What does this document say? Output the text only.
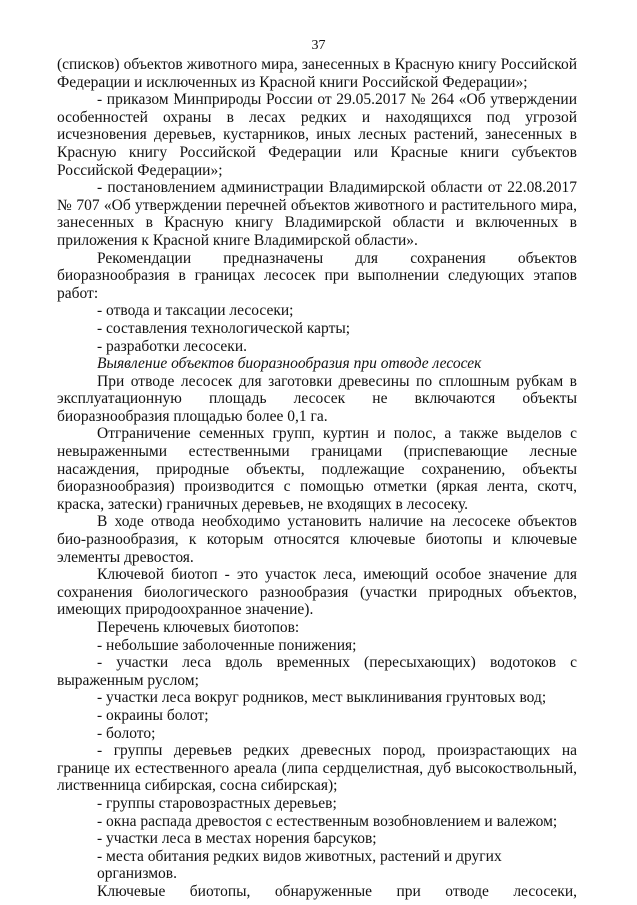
37

(списков) объектов животного мира, занесенных в Красную книгу Российской Федерации и исключенных из Красной книги Российской Федерации»;

- приказом Минприроды России от 29.05.2017 № 264 «Об утверждении особенностей охраны в лесах редких и находящихся под угрозой исчезновения деревьев, кустарников, иных лесных растений, занесенных в Красную книгу Российской Федерации или Красные книги субъектов Российской Федерации»;

- постановлением администрации Владимирской области от 22.08.2017 № 707 «Об утверждении перечней объектов животного и растительного мира, занесенных в Красную книгу Владимирской области и включенных в приложения к Красной книге Владимирской области».

Рекомендации предназначены для сохранения объектов биоразнообразия в границах лесосек при выполнении следующих этапов работ:

- отвода и таксации лесосеки;

- составления технологической карты;

- разработки лесосеки.

Выявление объектов биоразнообразия при отводе лесосек

При отводе лесосек для заготовки древесины по сплошным рубкам в эксплуатационную площадь лесосек не включаются объекты биоразнообразия площадью более 0,1 га.

Отграничение семенных групп, куртин и полос, а также выделов с невыраженными естественными границами (приспевающие лесные насаждения, природные объекты, подлежащие сохранению, объекты биоразнообразия) производится с помощью отметки (яркая лента, скотч, краска, затески) граничных деревьев, не входящих в лесосеку.

В ходе отвода необходимо установить наличие на лесосеке объектов био-разнообразия, к которым относятся ключевые биотопы и ключевые элементы древостоя.

Ключевой биотоп - это участок леса, имеющий особое значение для сохранения биологического разнообразия (участки природных объектов, имеющих природоохранное значение).

Перечень ключевых биотопов:

- небольшие заболоченные понижения;

- участки леса вдоль временных (пересыхающих) водотоков с выраженным руслом;

- участки леса вокруг родников, мест выклинивания грунтовых вод;

- окраины болот;

- болото;

- группы деревьев редких древесных пород, произрастающих на границе их естественного ареала (липа сердцелистная, дуб высокоствольный, лиственница сибирская, сосна сибирская);

- группы старовозрастных деревьев;

- окна распада древостоя с естественным возобновлением и валежом;

- участки леса в местах норения барсуков;

- места обитания редких видов животных, растений и других организмов.

Ключевые биотопы, обнаруженные при отводе лесосеки,
